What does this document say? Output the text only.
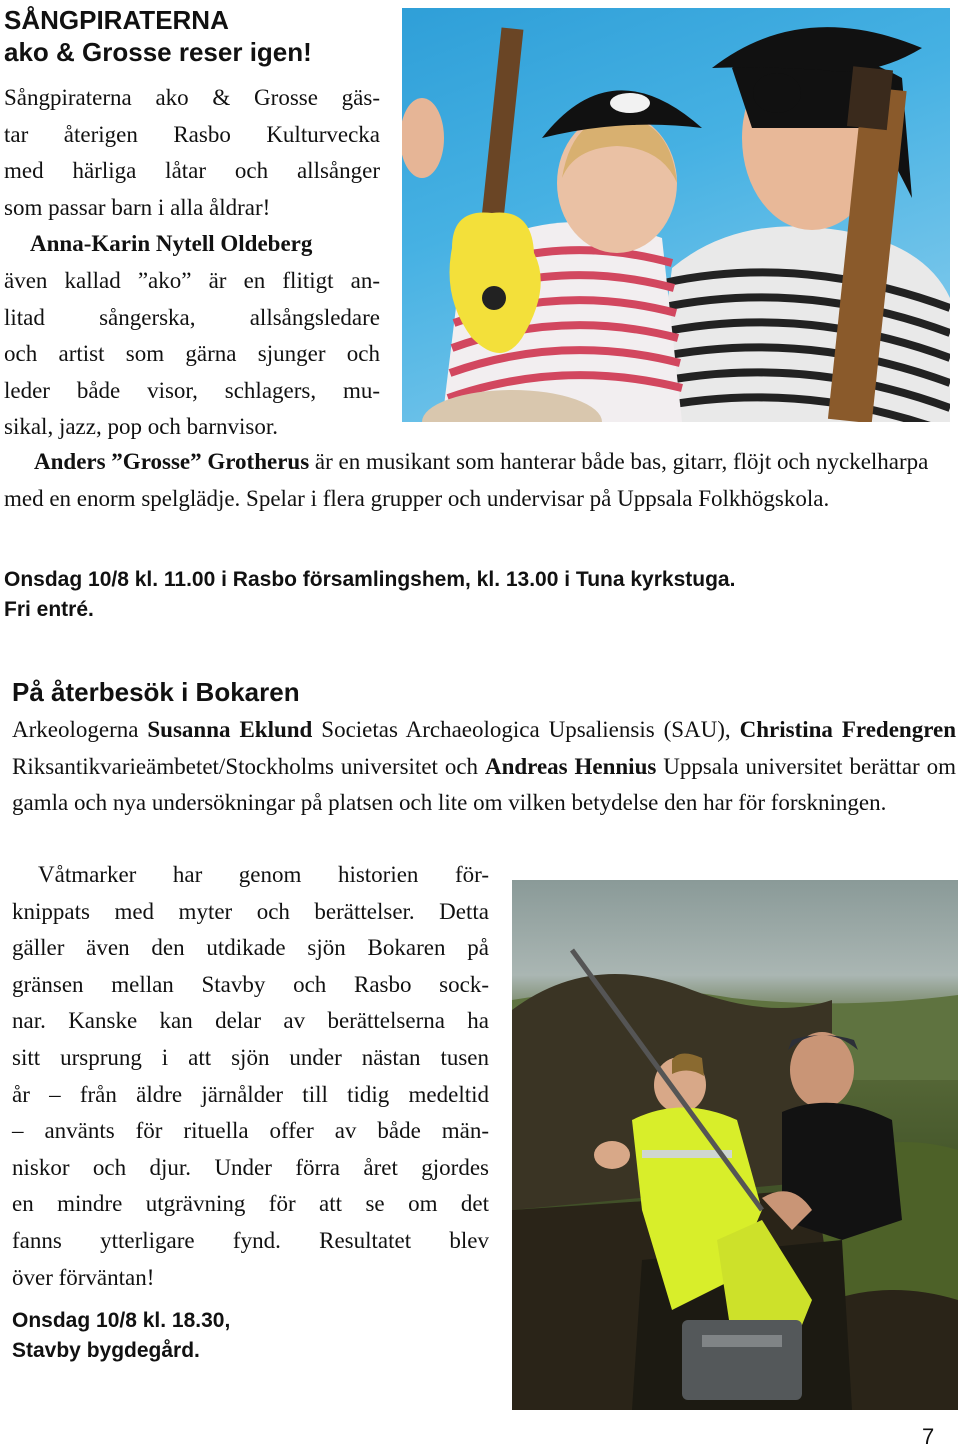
SÅNGPIRATERNA
ako & Grosse reser igen!
Sångpiraterna ako & Grosse gäs-
tar återigen Rasbo Kulturvecka
med härliga låtar och allsånger
som passar barn i alla åldrar!
Anna-Karin Nytell Oldeberg
även kallad ”ako” är en flitigt an-
litad sångerska, allsångsledare
och artist som gärna sjunger och
leder både visor, schlagers, mu-
sikal, jazz, pop och barnvisor.
Anders ”Grosse” Grotherus är en musikant som hanterar både bas, gitarr, flöjt och nyckelharpa med en enorm spelglädje. Spelar i flera grupper och undervisar på Uppsala Folkhögskola.
Onsdag 10/8 kl. 11.00 i Rasbo församlingshem, kl. 13.00 i Tuna kyrkstuga.
Fri entré.
På återbesök i Bokaren
Arkeologerna Susanna Eklund Societas Archaeologica Upsaliensis (SAU), Christina Fredengren Riksantikvarieämbetet/Stockholms universitet och Andreas Hennius Uppsala universitet berättar om gamla och nya undersökningar på platsen och lite om vilken betydelse den har för forskningen.
Våtmarker har genom historien för-
knippats med myter och berättelser. Detta
gäller även den utdikade sjön Bokaren på
gränsen mellan Stavby och Rasbo sock-
nar. Kanske kan delar av berättelserna ha
sitt ursprung i att sjön under nästan tusen
år – från äldre järnålder till tidig medeltid
– använts för rituella offer av både män-
niskor och djur. Under förra året gjordes
en mindre utgrävning för att se om det
fanns ytterligare fynd. Resultatet blev
över förväntan!
Onsdag 10/8 kl. 18.30,
Stavby bygdegård.
7
